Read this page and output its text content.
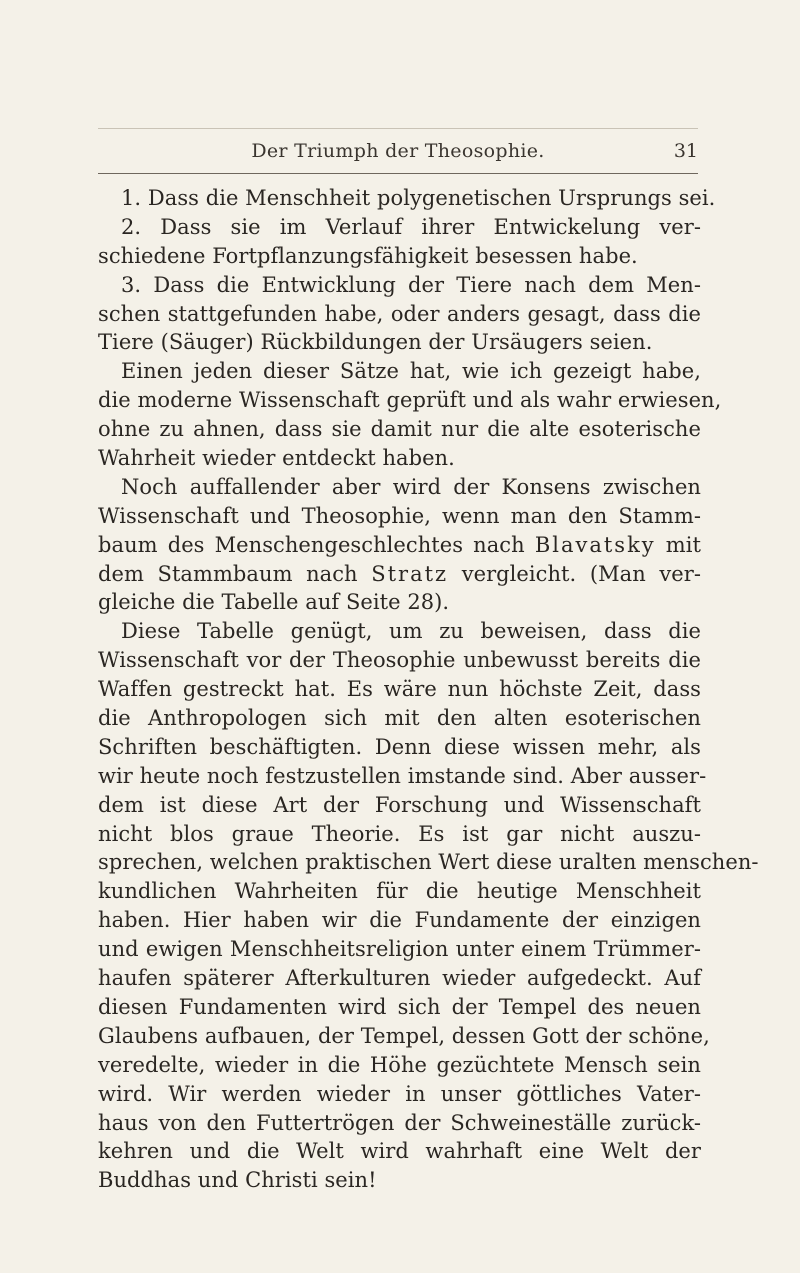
Der Triumph der Theosophie.	31
1. Dass die Menschheit polygenetischen Ursprungs sei.
2. Dass sie im Verlauf ihrer Entwickelung ver-
schiedene Fortpflanzungsfähigkeit besessen habe.
3. Dass die Entwicklung der Tiere nach dem Men-
schen stattgefunden habe, oder anders gesagt, dass die
Tiere (Säuger) Rückbildungen der Ursäugers seien.
Einen jeden dieser Sätze hat, wie ich gezeigt habe,
die moderne Wissenschaft geprüft und als wahr erwiesen,
ohne zu ahnen, dass sie damit nur die alte esoterische
Wahrheit wieder entdeckt haben.
Noch auffallender aber wird der Konsens zwischen
Wissenschaft und Theosophie, wenn man den Stamm-
baum des Menschengeschlechtes nach Blavatsky mit
dem Stammbaum nach Stratz vergleicht. (Man ver-
gleiche die Tabelle auf Seite 28).
Diese Tabelle genügt, um zu beweisen, dass die
Wissenschaft vor der Theosophie unbewusst bereits die
Waffen gestreckt hat. Es wäre nun höchste Zeit, dass
die Anthropologen sich mit den alten esoterischen
Schriften beschäftigten. Denn diese wissen mehr, als
wir heute noch festzustellen imstande sind. Aber ausser-
dem ist diese Art der Forschung und Wissenschaft
nicht blos graue Theorie. Es ist gar nicht auszu-
sprechen, welchen praktischen Wert diese uralten menschen-
kundlichen Wahrheiten für die heutige Menschheit
haben. Hier haben wir die Fundamente der einzigen
und ewigen Menschheitsreligion unter einem Trümmer-
haufen späterer Afterkulturen wieder aufgedeckt. Auf
diesen Fundamenten wird sich der Tempel des neuen
Glaubens aufbauen, der Tempel, dessen Gott der schöne,
veredelte, wieder in die Höhe gezüchtete Mensch sein
wird. Wir werden wieder in unser göttliches Vater-
haus von den Futtertrögen der Schweineställe zurück-
kehren und die Welt wird wahrhaft eine Welt der
Buddhas und Christi sein!
